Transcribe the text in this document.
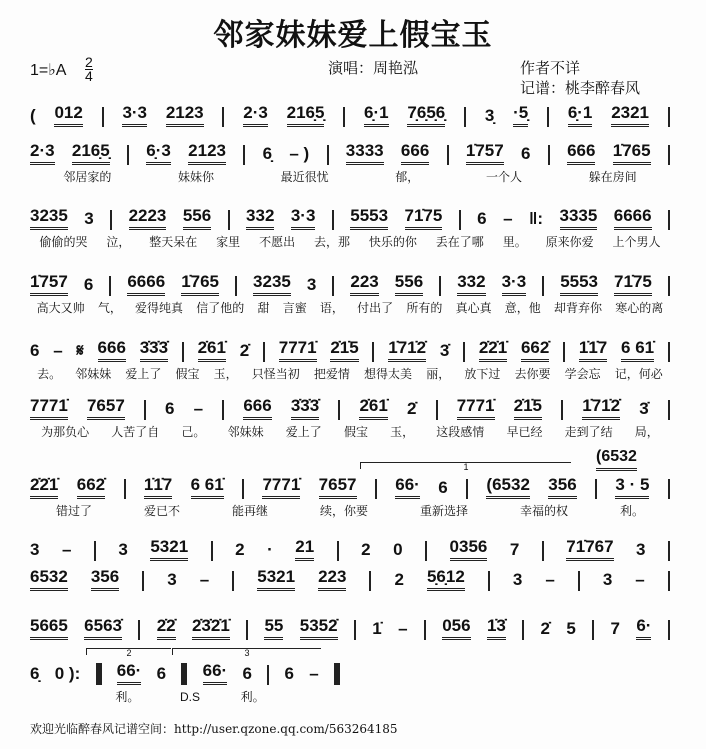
邻家妹妹爱上假宝玉
1=♭A 2
4	演唱：周艳泓	作者不详
记谱：桃李醉春风
( 012 3·3 2123 2·3 216̣5̣ 6̣·1 7̣6̣5̣6̣ 3̣ ·5̣ 6̣·1 2321
2·3 216̣5̣ 6̣·3 2123 6̣ – ) 3333 666 1̇757 6 666 1̇765
邻居家的	妹妹你	最近很忧	郁，	一个人	躲在房间
3235 3 2223 556 332 3·3 5553 71̇75 6 – ‖: 3335 6666
偷偷的哭 泣， 整天呆在 家里 不愿出 去，那 快乐的你 丢在了哪 里。 原来你爱 上个男人
1̇757 6 6666 1̇765 3235 3 223 556 332 3·3 5553 71̇75
高大又帅 气， 爱得纯真 信了他的 甜 言蜜 语， 付出了 所有的 真心真 意，他 却背弃你 寒心的离
6 – 𝄋 666 3̇3̇3̇ 2̇61̇ 2̇ 7771̇ 2̇1̇5 1̇71̇2̇ 3̇ 2̇2̇1̇ 662̇ 1̇1̇7 6 61̇
去。 邻妹妹 爱上了 假宝 玉， 只怪当初 把爱情 想得太美 丽， 放下过 去你要 学会忘 记，何必
7771̇ 7657 6 – 666 3̇3̇3̇ 2̇61̇ 2̇ 7771̇ 2̇1̇5 1̇71̇2̇ 3̇
为那负心 人苦了自 己。 邻妹妹 爱上了 假宝 玉， 这段感情 早已经 走到了结 局，
2̇2̇1̇ 662̇ 1̇1̇7 6 61̇ 7771̇ 7657 66· 6 (6532 356 3 · 5
错过了	爱已不	能再继	续，你要	重新选择	幸福的权	利。
(6532
1
3 –	3 5321	2 · 21	2 0	0356 7	71̇767 3
6532 356	3 –	5321 223	2 5̣6̣12	3 –	3 –
5665 6563̇ 2̇2̇ 2̇3̇2̇1̇ 55 5352̇ 1̇ – 056 1̇3̇ 2̇ 5 7 6·
6̣ 0 ): 66· 6 66· 6 6 –
利。	D.S	利。
2	3
欢迎光临醉春风记谱空间：http://user.qzone.qq.com/563264185
